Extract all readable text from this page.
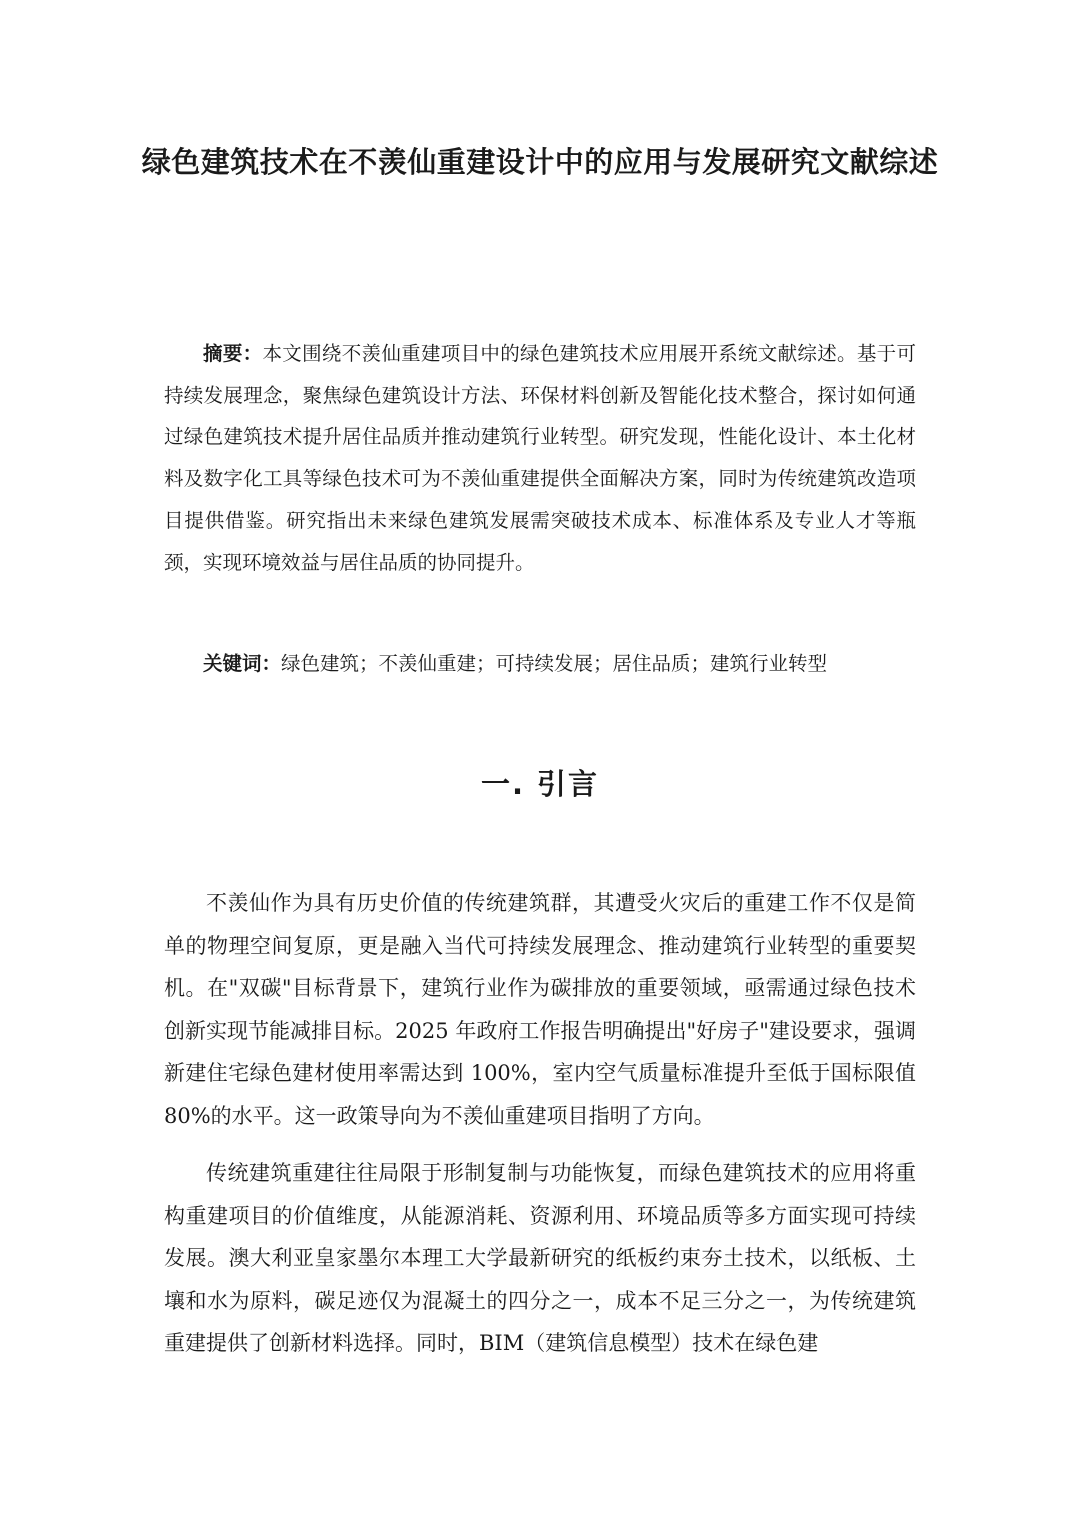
绿色建筑技术在不羡仙重建设计中的应用与发展研究文献综述

摘要：本文围绕不羡仙重建项目中的绿色建筑技术应用展开系统文献综述。基于可持续发展理念，聚焦绿色建筑设计方法、环保材料创新及智能化技术整合，探讨如何通过绿色建筑技术提升居住品质并推动建筑行业转型。研究发现，性能化设计、本土化材料及数字化工具等绿色技术可为不羡仙重建提供全面解决方案，同时为传统建筑改造项目提供借鉴。研究指出未来绿色建筑发展需突破技术成本、标准体系及专业人才等瓶颈，实现环境效益与居住品质的协同提升。

关键词：绿色建筑；不羡仙重建；可持续发展；居住品质；建筑行业转型

一. 引言

不羡仙作为具有历史价值的传统建筑群，其遭受火灾后的重建工作不仅是简单的物理空间复原，更是融入当代可持续发展理念、推动建筑行业转型的重要契机。在"双碳"目标背景下，建筑行业作为碳排放的重要领域，亟需通过绿色技术创新实现节能减排目标。2025 年政府工作报告明确提出"好房子"建设要求，强调新建住宅绿色建材使用率需达到 100%，室内空气质量标准提升至低于国标限值 80%的水平。这一政策导向为不羡仙重建项目指明了方向。

传统建筑重建往往局限于形制复制与功能恢复，而绿色建筑技术的应用将重构重建项目的价值维度，从能源消耗、资源利用、环境品质等多方面实现可持续发展。澳大利亚皇家墨尔本理工大学最新研究的纸板约束夯土技术，以纸板、土壤和水为原料，碳足迹仅为混凝土的四分之一，成本不足三分之一，为传统建筑重建提供了创新材料选择。同时，BIM（建筑信息模型）技术在绿色建
